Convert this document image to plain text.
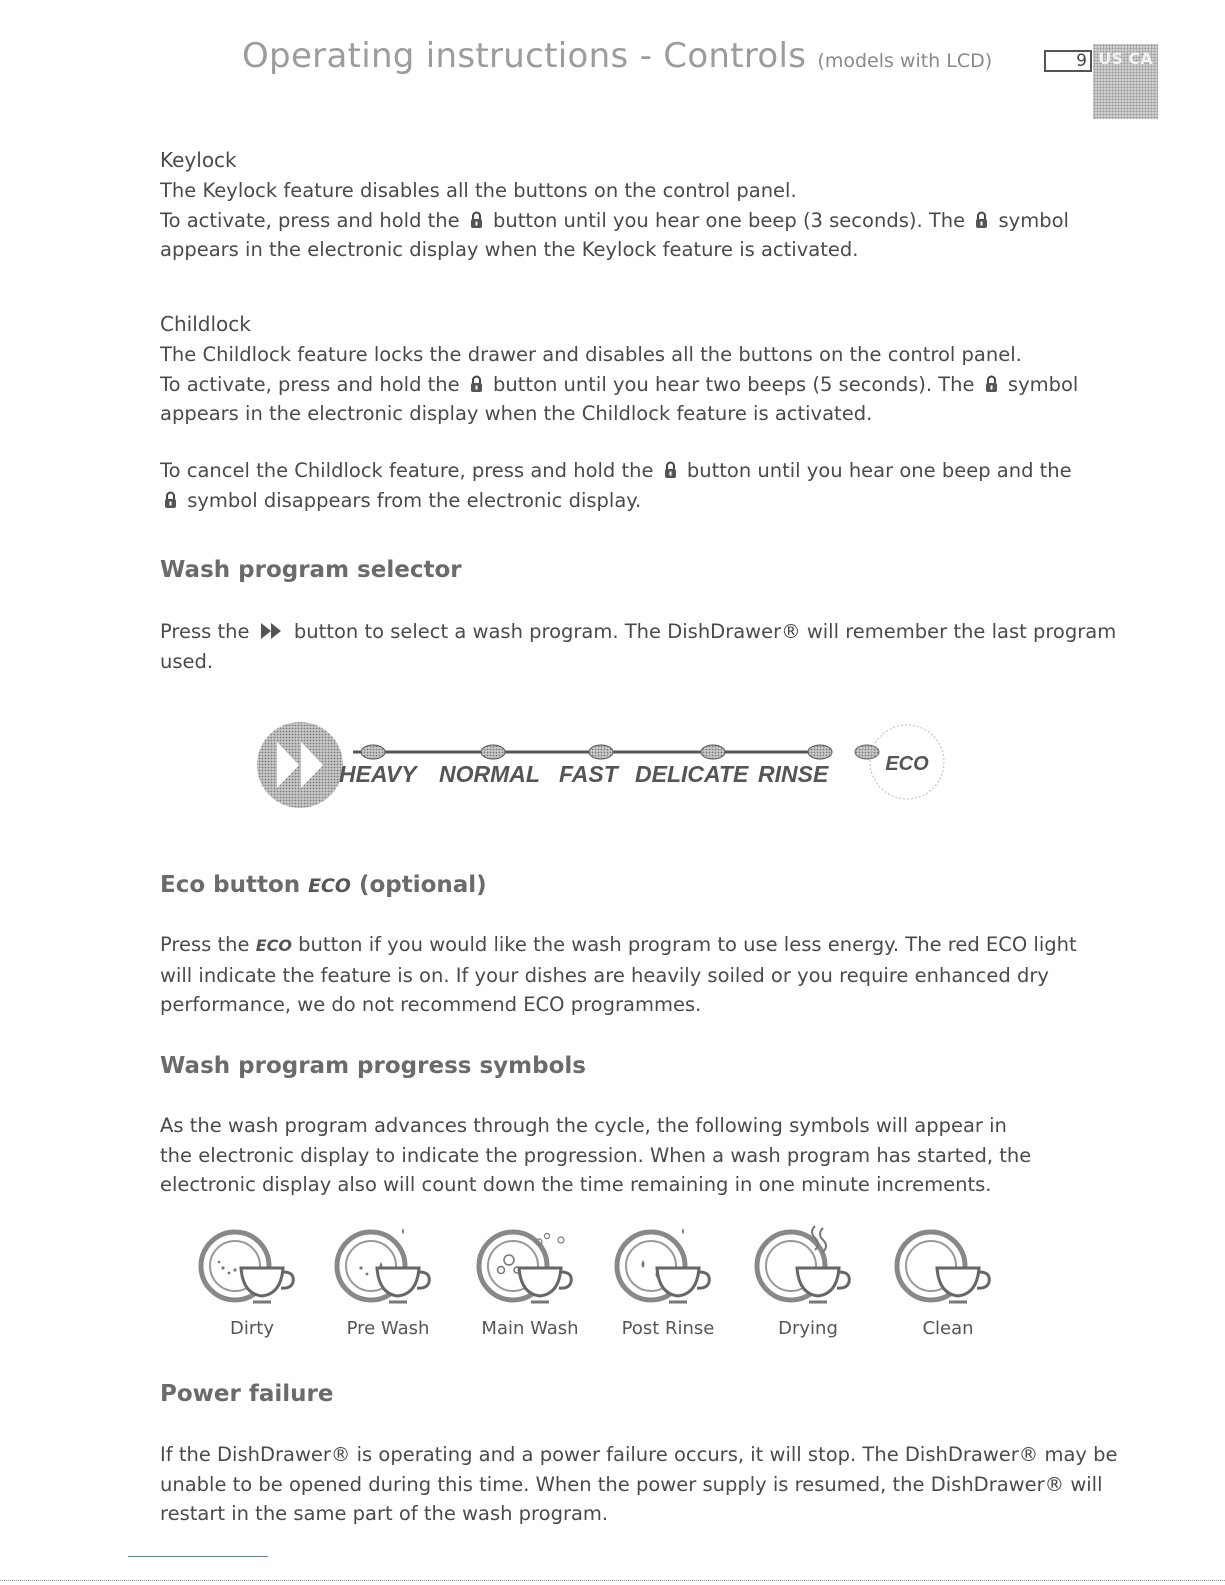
Operating instructions - Controls (models with LCD)	9 US CA
Keylock
The Keylock feature disables all the buttons on the control panel.
To activate, press and hold the  button until you hear one beep (3 seconds). The  symbol
appears in the electronic display when the Keylock feature is activated.
Childlock
The Childlock feature locks the drawer and disables all the buttons on the control panel.
To activate, press and hold the  button until you hear two beeps (5 seconds). The  symbol
appears in the electronic display when the Childlock feature is activated.
To cancel the Childlock feature, press and hold the  button until you hear one beep and the
symbol disappears from the electronic display.
Wash program selector
Press the  button to select a wash program. The DishDrawer® will remember the last program
used.
HEAVY NORMAL FAST DELICATE RINSE	ECO
Eco button ECO (optional)
Press the ECO button if you would like the wash program to use less energy. The red ECO light
will indicate the feature is on. If your dishes are heavily soiled or you require enhanced dry
performance, we do not recommend ECO programmes.
Wash program progress symbols
As the wash program advances through the cycle, the following symbols will appear in
the electronic display to indicate the progression. When a wash program has started, the
electronic display also will count down the time remaining in one minute increments.
Dirty	Pre Wash	Main Wash	Post Rinse	Drying	Clean
Power failure
If the DishDrawer® is operating and a power failure occurs, it will stop. The DishDrawer® may be
unable to be opened during this time. When the power supply is resumed, the DishDrawer® will
restart in the same part of the wash program.
